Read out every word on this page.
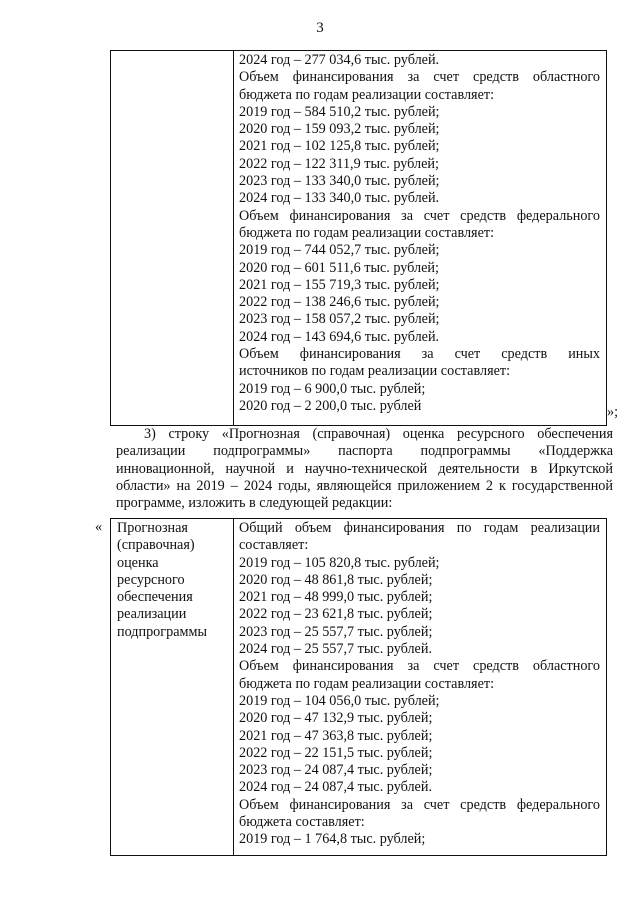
3
2024 год – 277 034,6 тыс. рублей.
Объем финансирования за счет средств областного
бюджета по годам реализации составляет:
2019 год – 584 510,2 тыс. рублей;
2020 год – 159 093,2 тыс. рублей;
2021 год – 102 125,8 тыс. рублей;
2022 год – 122 311,9 тыс. рублей;
2023 год – 133 340,0 тыс. рублей;
2024 год – 133 340,0 тыс. рублей.
Объем финансирования за счет средств федерального
бюджета по годам реализации составляет:
2019 год – 744 052,7 тыс. рублей;
2020 год – 601 511,6 тыс. рублей;
2021 год – 155 719,3 тыс. рублей;
2022 год – 138 246,6 тыс. рублей;
2023 год – 158 057,2 тыс. рублей;
2024 год – 143 694,6 тыс. рублей.
Объем финансирования за счет средств иных
источников по годам реализации составляет:
2019 год – 6 900,0 тыс. рублей;
2020 год – 2 200,0 тыс. рублей	»;
3) строку «Прогнозная (справочная) оценка ресурсного обеспечения
реализации подпрограммы» паспорта подпрограммы «Поддержка
инновационной, научной и научно-технической деятельности в Иркутской
области» на 2019 – 2024 годы, являющейся приложением 2 к государственной
программе, изложить в следующей редакции:
« Прогнозная
(справочная)
оценка
ресурсного
обеспечения
реализации
подпрограммы
Общий объем финансирования по годам реализации
составляет:
2019 год – 105 820,8 тыс. рублей;
2020 год – 48 861,8 тыс. рублей;
2021 год – 48 999,0 тыс. рублей;
2022 год – 23 621,8 тыс. рублей;
2023 год – 25 557,7 тыс. рублей;
2024 год – 25 557,7 тыс. рублей.
Объем финансирования за счет средств областного
бюджета по годам реализации составляет:
2019 год – 104 056,0 тыс. рублей;
2020 год – 47 132,9 тыс. рублей;
2021 год – 47 363,8 тыс. рублей;
2022 год – 22 151,5 тыс. рублей;
2023 год – 24 087,4 тыс. рублей;
2024 год – 24 087,4 тыс. рублей.
Объем финансирования за счет средств федерального
бюджета составляет:
2019 год – 1 764,8 тыс. рублей;
